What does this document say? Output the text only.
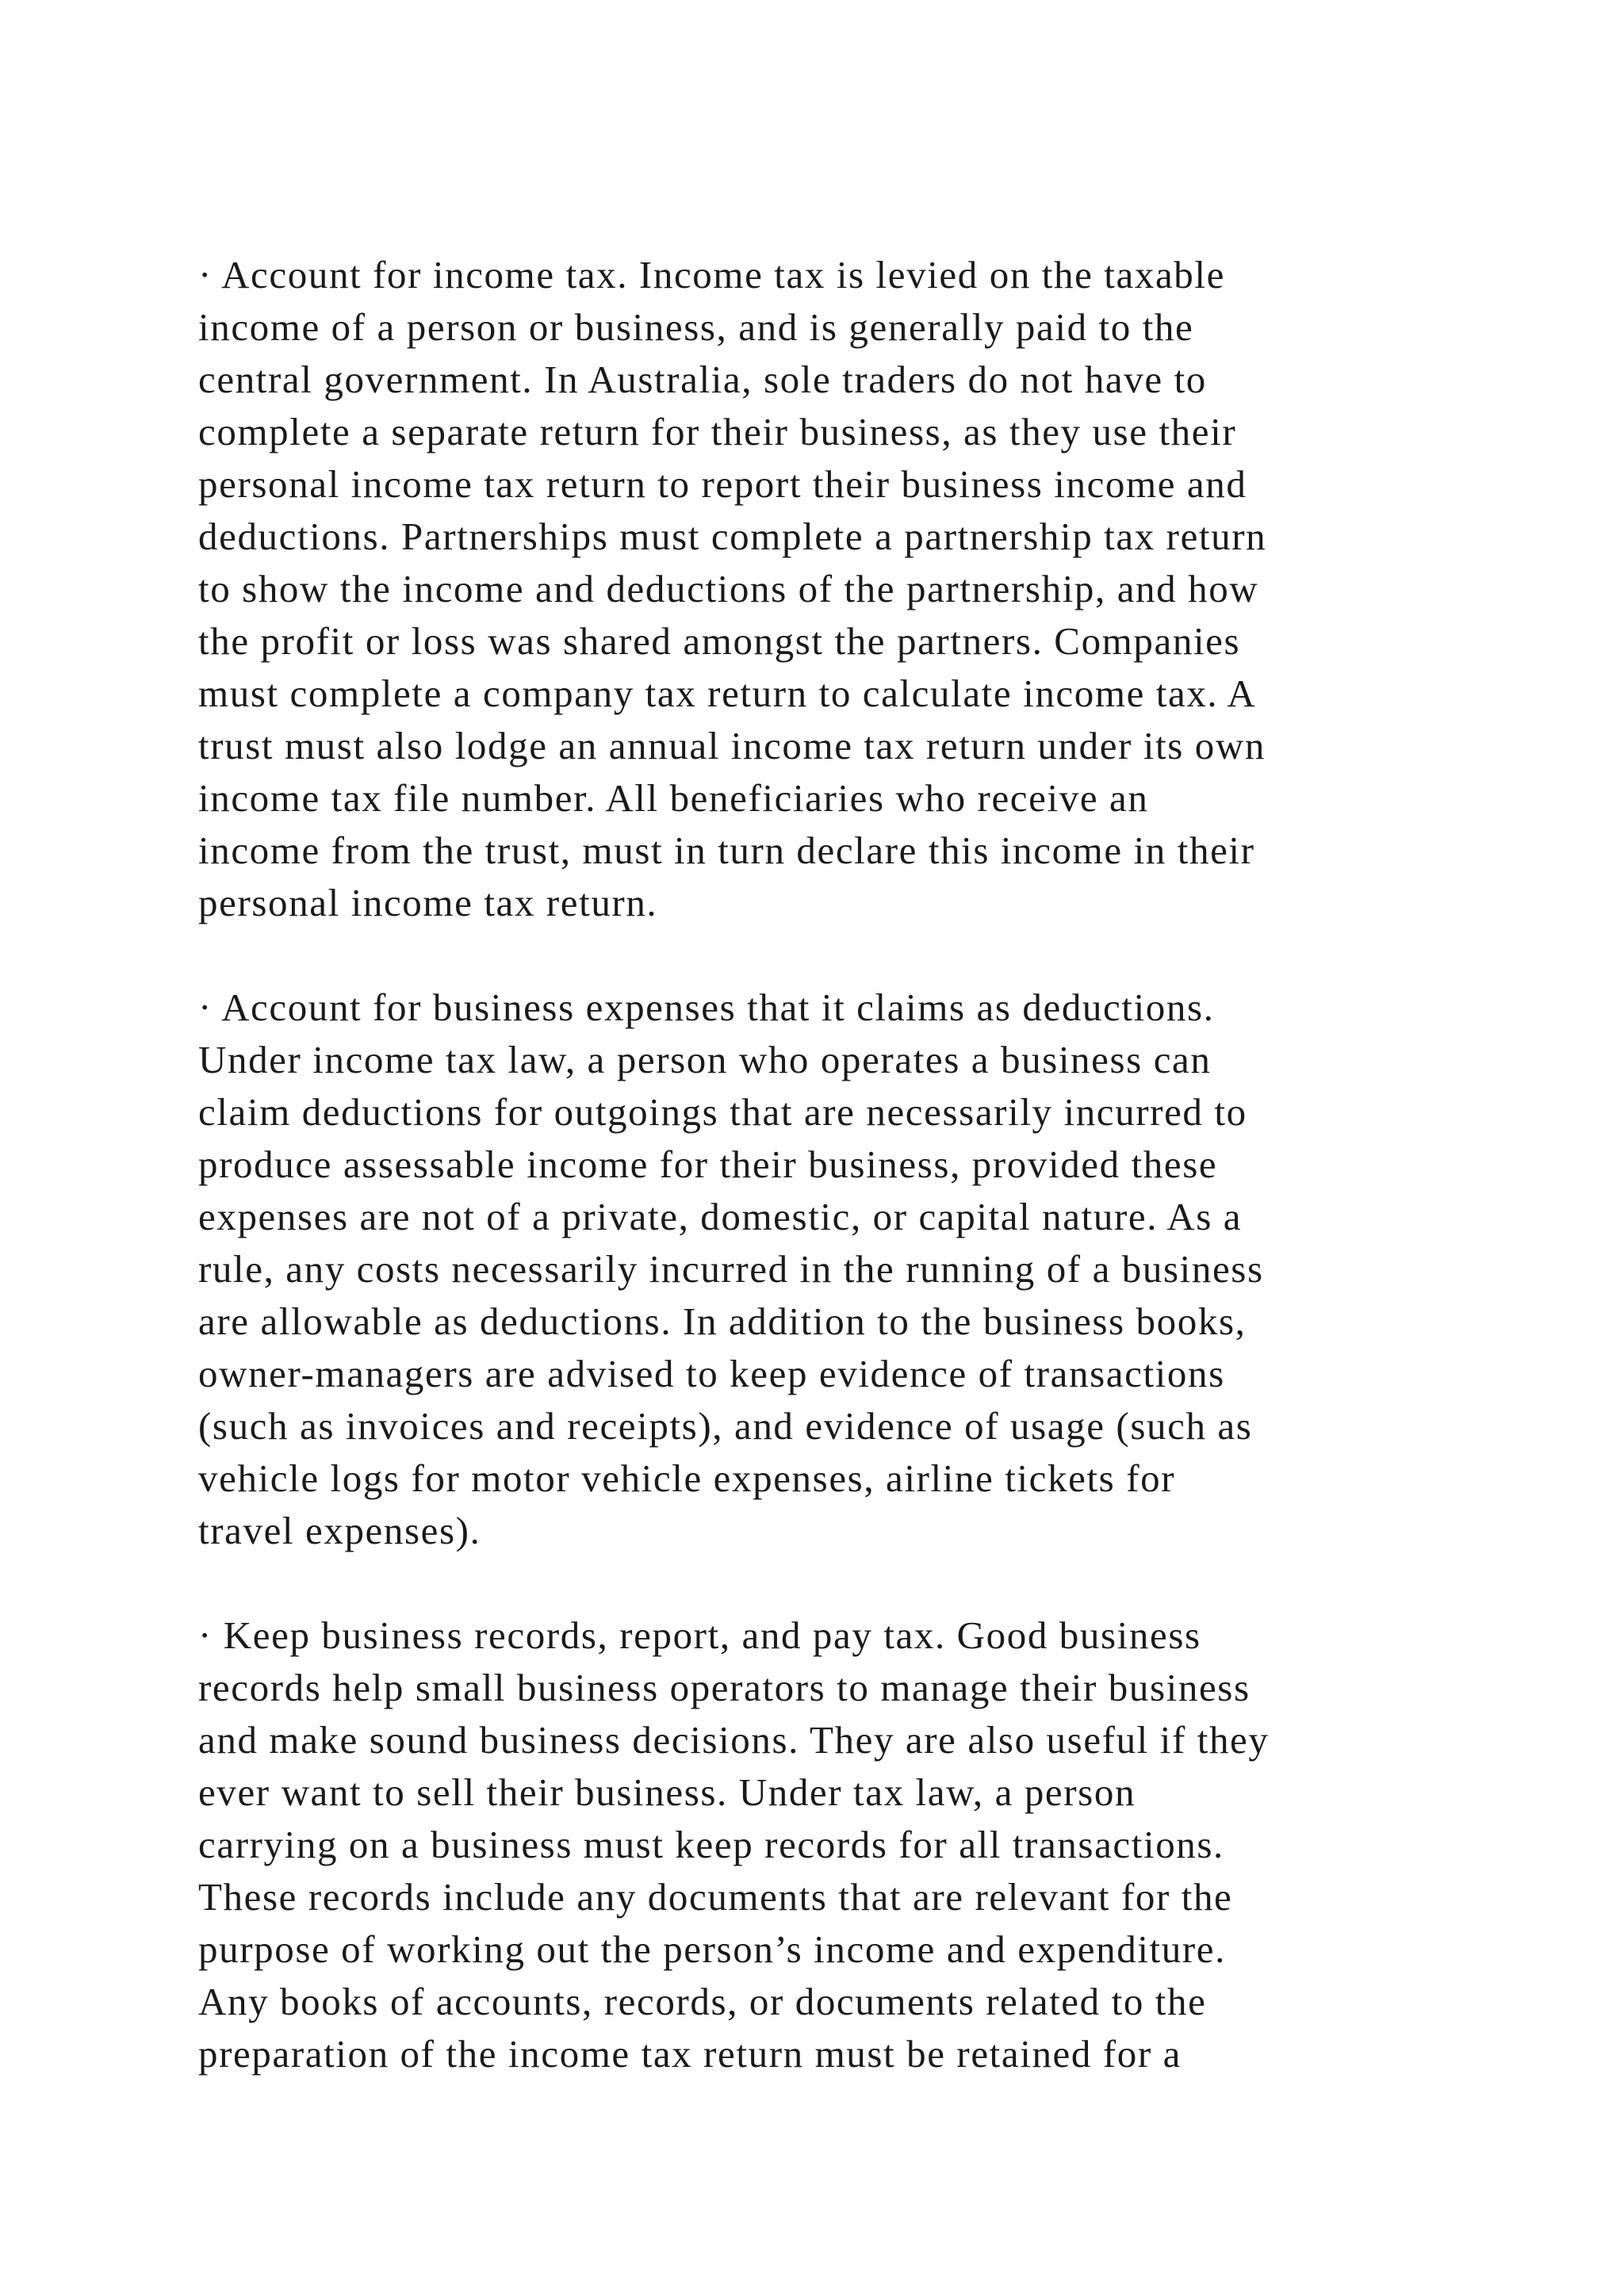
· Account for income tax. Income tax is levied on the taxable
income of a person or business, and is generally paid to the
central government. In Australia, sole traders do not have to
complete a separate return for their business, as they use their
personal income tax return to report their business income and
deductions. Partnerships must complete a partnership tax return
to show the income and deductions of the partnership, and how
the profit or loss was shared amongst the partners. Companies
must complete a company tax return to calculate income tax. A
trust must also lodge an annual income tax return under its own
income tax file number. All beneficiaries who receive an
income from the trust, must in turn declare this income in their
personal income tax return.

· Account for business expenses that it claims as deductions.
Under income tax law, a person who operates a business can
claim deductions for outgoings that are necessarily incurred to
produce assessable income for their business, provided these
expenses are not of a private, domestic, or capital nature. As a
rule, any costs necessarily incurred in the running of a business
are allowable as deductions. In addition to the business books,
owner-managers are advised to keep evidence of transactions
(such as invoices and receipts), and evidence of usage (such as
vehicle logs for motor vehicle expenses, airline tickets for
travel expenses).

· Keep business records, report, and pay tax. Good business
records help small business operators to manage their business
and make sound business decisions. They are also useful if they
ever want to sell their business. Under tax law, a person
carrying on a business must keep records for all transactions.
These records include any documents that are relevant for the
purpose of working out the person’s income and expenditure.
Any books of accounts, records, or documents related to the
preparation of the income tax return must be retained for a
